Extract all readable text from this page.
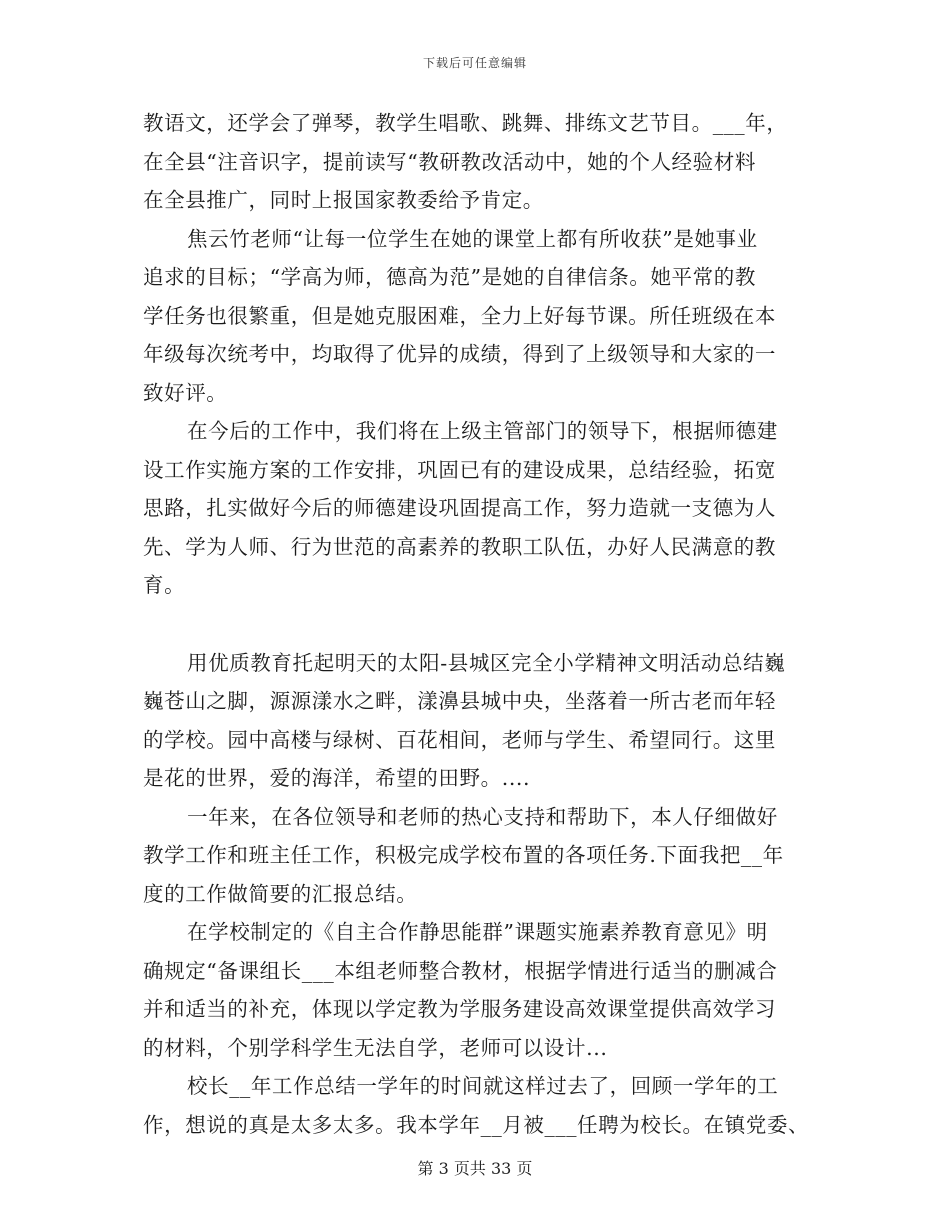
下载后可任意编辑
教语文，还学会了弹琴，教学生唱歌、跳舞、排练文艺节目。___年，
在全县“注音识字，提前读写“教研教改活动中，她的个人经验材料
在全县推广，同时上报国家教委给予肯定。
焦云竹老师“让每一位学生在她的课堂上都有所收获”是她事业
追求的目标；“学高为师，德高为范”是她的自律信条。她平常的教
学任务也很繁重，但是她克服困难，全力上好每节课。所任班级在本
年级每次统考中，均取得了优异的成绩，得到了上级领导和大家的一
致好评。
在今后的工作中，我们将在上级主管部门的领导下，根据师德建
设工作实施方案的工作安排，巩固已有的建设成果，总结经验，拓宽
思路，扎实做好今后的师德建设巩固提高工作，努力造就一支德为人
先、学为人师、行为世范的高素养的教职工队伍，办好人民满意的教
育。
用优质教育托起明天的太阳-县城区完全小学精神文明活动总结巍
巍苍山之脚，源源漾水之畔，漾濞县城中央，坐落着一所古老而年轻
的学校。园中高楼与绿树、百花相间，老师与学生、希望同行。这里
是花的世界，爱的海洋，希望的田野。....
一年来，在各位领导和老师的热心支持和帮助下，本人仔细做好
教学工作和班主任工作，积极完成学校布置的各项任务.下面我把__年
度的工作做简要的汇报总结。
在学校制定的《自主合作静思能群”课题实施素养教育意见》明
确规定“备课组长___本组老师整合教材，根据学情进行适当的删减合
并和适当的补充，体现以学定教为学服务建设高效课堂提供高效学习
的材料，个别学科学生无法自学，老师可以设计...
校长__年工作总结一学年的时间就这样过去了，回顾一学年的工
作，想说的真是太多太多。我本学年__月被___任聘为校长。在镇党委、
第 3 页共 33 页
